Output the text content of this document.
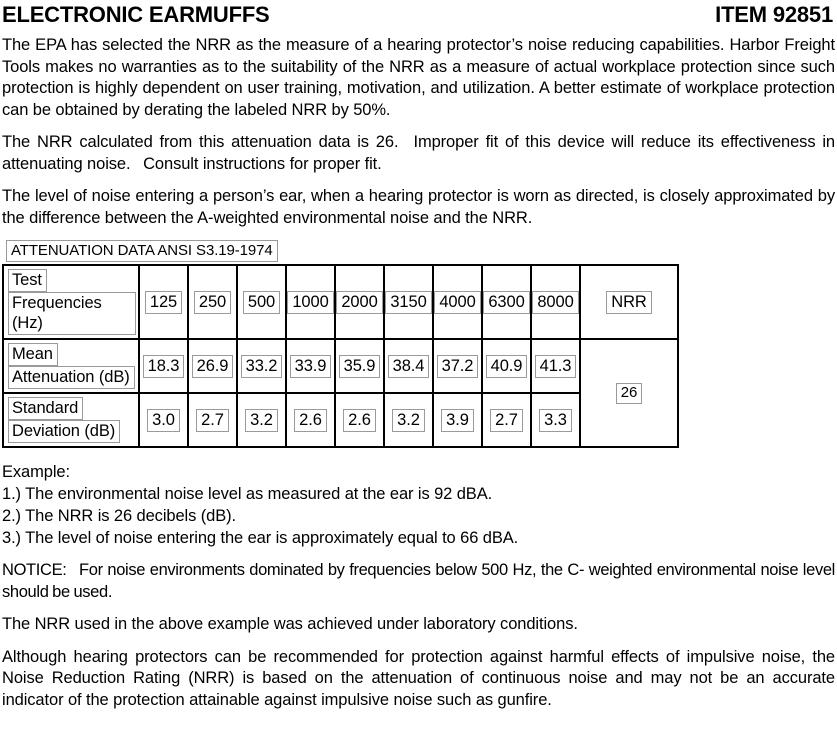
ELECTRONIC EARMUFFS	ITEM 92851

The EPA has selected the NRR as the measure of a hearing protector’s noise reducing capabilities. Harbor Freight Tools makes no warranties as to the suitability of the NRR as a measure of actual workplace protection since such protection is highly dependent on user training, motivation, and utilization. A better estimate of workplace protection can be obtained by derating the labeled NRR by 50%.

The NRR calculated from this attenuation data is 26.  Improper fit of this device will reduce its effectiveness in attenuating noise.  Consult instructions for proper fit.

The level of noise entering a person’s ear, when a hearing protector is worn as directed, is closely approximated by the difference between the A-weighted environmental noise and the NRR.

ATTENUATION DATA ANSI S3.19-1974
Test
Frequencies (Hz)	125	250	500	1000	2000	3150	4000	6300	8000	NRR

Mean
Attenuation (dB)	18.3	26.9	33.2	33.9	35.9	38.4	37.2	40.9	41.3	26

Standard
Deviation (dB)	3.0	2.7	3.2	2.6	2.6	3.2	3.9	2.7	3.3	
Example:
1.) The environmental noise level as measured at the ear is 92 dBA.
2.) The NRR is 26 decibels (dB).
3.) The level of noise entering the ear is approximately equal to 66 dBA.

NOTICE:  For noise environments dominated by frequencies below 500 Hz, the C- weighted environmental noise level should be used.

The NRR used in the above example was achieved under laboratory conditions.

Although hearing protectors can be recommended for protection against harmful effects of impulsive noise, the Noise Reduction Rating (NRR) is based on the attenuation of continuous noise and may not be an accurate indicator of the protection attainable against impulsive noise such as gunfire.
